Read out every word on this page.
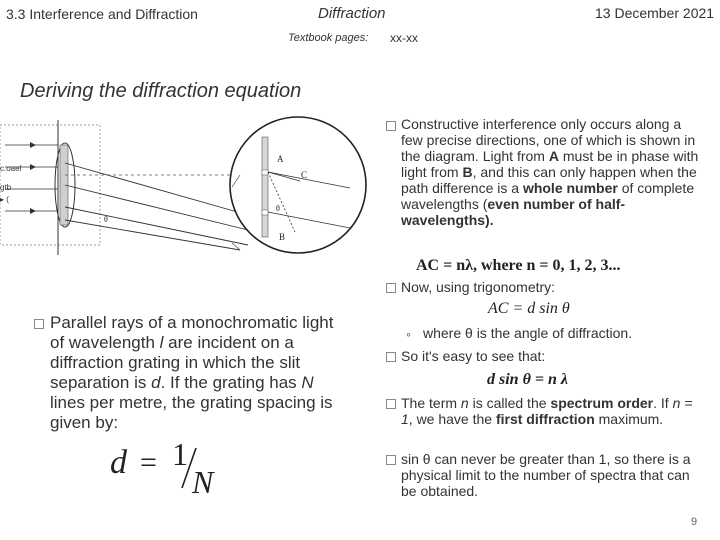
3.3 Interference and Diffraction	Diffraction	13 December 2021
Textbook pages: xx-xx
Deriving the diffraction equation
A
B
C
θ
θ
c.oael
gtb
▸ (
Parallel rays of a monochromatic light of wavelength l are incident on a diffraction grating in which the slit separation is d. If the grating has N lines per metre, the grating spacing is given by:
d = 1
N
Constructive interference only occurs along a few precise directions, one of which is shown in the diagram. Light from A must be in phase with light from B, and this can only happen when the path difference is a whole number of complete wavelengths (even number of half-wavelengths).
AC = nλ, where n = 0, 1, 2, 3...
Now, using trigonometry:
AC = d sin θ
◦ where θ is the angle of diffraction.
So it's easy to see that:
d sin θ = n λ
The term n is called the spectrum order. If n = 1, we have the first diffraction maximum.
sin θ can never be greater than 1, so there is a physical limit to the number of spectra that can be obtained.
9
